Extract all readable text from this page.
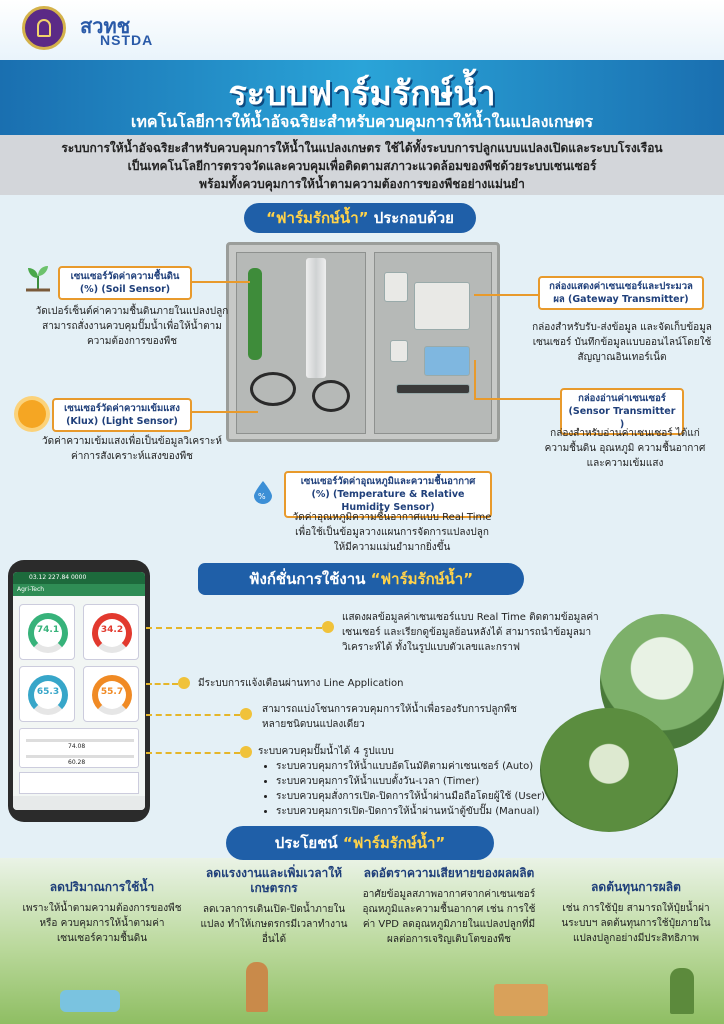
สวทช
NSTDA
ระบบฟาร์มรักษ์น้ำ
เทคโนโลยีการให้น้ำอัจฉริยะสำหรับควบคุมการให้น้ำในแปลงเกษตร

ระบบการให้น้ำอัจฉริยะสำหรับควบคุมการให้น้ำในแปลงเกษตร ใช้ได้ทั้งระบบการปลูกแบบแปลงเปิดและระบบโรงเรือน

เป็นเทคโนโลยีการตรวจวัดและควบคุมเพื่อติดตามสภาวะแวดล้อมของพืชด้วยระบบเซนเซอร์

พร้อมทั้งควบคุมการให้น้ำตามความต้องการของพืชอย่างแม่นยำ

“ฟาร์มรักษ์น้ำ” ประกอบด้วย
%
เซนเซอร์วัดค่าความชื้นดิน (%) (Soil Sensor)
วัดเปอร์เซ็นต์ค่าความชื้นดินภายในแปลงปลูก สามารถสั่งงานควบคุมปั๊มน้ำเพื่อให้น้ำตามความต้องการของพืช
เซนเซอร์วัดค่าความเข้มแสง (Klux) (Light Sensor)
วัดค่าความเข้มแสงเพื่อเป็นข้อมูลวิเคราะห์ค่าการสังเคราะห์แสงของพืช
เซนเซอร์วัดค่าอุณหภูมิและความชื้นอากาศ (%) (Temperature & Relative Humidity Sensor)
วัดค่าอุณหภูมิความชื้นอากาศแบบ Real Time เพื่อใช้เป็นข้อมูลวางแผนการจัดการแปลงปลูกให้มีความแม่นยำมากยิ่งขึ้น
กล่องแสดงค่าเซนเซอร์และประมวลผล (Gateway Transmitter)
กล่องสำหรับรับ-ส่งข้อมูล และจัดเก็บข้อมูลเซนเซอร์ บันทึกข้อมูลแบบออนไลน์โดยใช้สัญญาณอินเทอร์เน็ต
กล่องอ่านค่าเซนเซอร์ (Sensor Transmitter )
กล่องสำหรับอ่านค่าเซนเซอร์ ได้แก่ ความชื้นดิน อุณหภูมิ ความชื้นอากาศและความเข้มแสง
ฟังก์ชั่นการใช้งาน “ฟาร์มรักษ์น้ำ”
03.12 227.84 0000
Agri-Tech
74.1	34.2
65.3	55.7
74.08
60.28
แสดงผลข้อมูลค่าเซนเซอร์แบบ Real Time ติดตามข้อมูลค่าเซนเซอร์ และเรียกดูข้อมูลย้อนหลังได้ สามารถนำข้อมูลมาวิเคราะห์ได้ ทั้งในรูปแบบตัวเลขและกราฟ
มีระบบการแจ้งเตือนผ่านทาง Line Application
สามารถแบ่งโซนการควบคุมการให้น้ำเพื่อรองรับการปลูกพืช หลายชนิดบนแปลงเดียว
ระบบควบคุมปั๊มน้ำได้ 4 รูปแบบ
• ระบบควบคุมการให้น้ำแบบอัตโนมัติตามค่าเซนเซอร์ (Auto)
• ระบบควบคุมการให้น้ำแบบตั้งวัน-เวลา (Timer)
• ระบบควบคุมสั่งการเปิด-ปิดการให้น้ำผ่านมือถือโดยผู้ใช้ (User)
• ระบบควบคุมการเปิด-ปิดการให้น้ำผ่านหน้าตู้ขับปั๊ม (Manual)
ประโยชน์ “ฟาร์มรักษ์น้ำ”
ลดปริมาณการใช้น้ำ
เพราะให้น้ำตามความต้องการของพืช หรือ ควบคุมการให้น้ำตามค่าเซนเซอร์ความชื้นดิน
ลดแรงงานและเพิ่มเวลาให้เกษตรกร
ลดเวลาการเดินเปิด-ปิดน้ำภายในแปลง ทำให้เกษตรกรมีเวลาทำงานอื่นได้
ลดอัตราความเสียหายของผลผลิต
อาศัยข้อมูลสภาพอากาศจากค่าเซนเซอร์อุณหภูมิและความชื้นอากาศ เช่น การใช้ค่า VPD ลดอุณหภูมิภายในแปลงปลูกที่มีผลต่อการเจริญเติบโตของพืช
ลดต้นทุนการผลิต
เช่น การใช้ปุ๋ย สามารถให้ปุ๋ยน้ำผ่านระบบฯ ลดต้นทุนการใช้ปุ๋ยภายในแปลงปลูกอย่างมีประสิทธิภาพ
